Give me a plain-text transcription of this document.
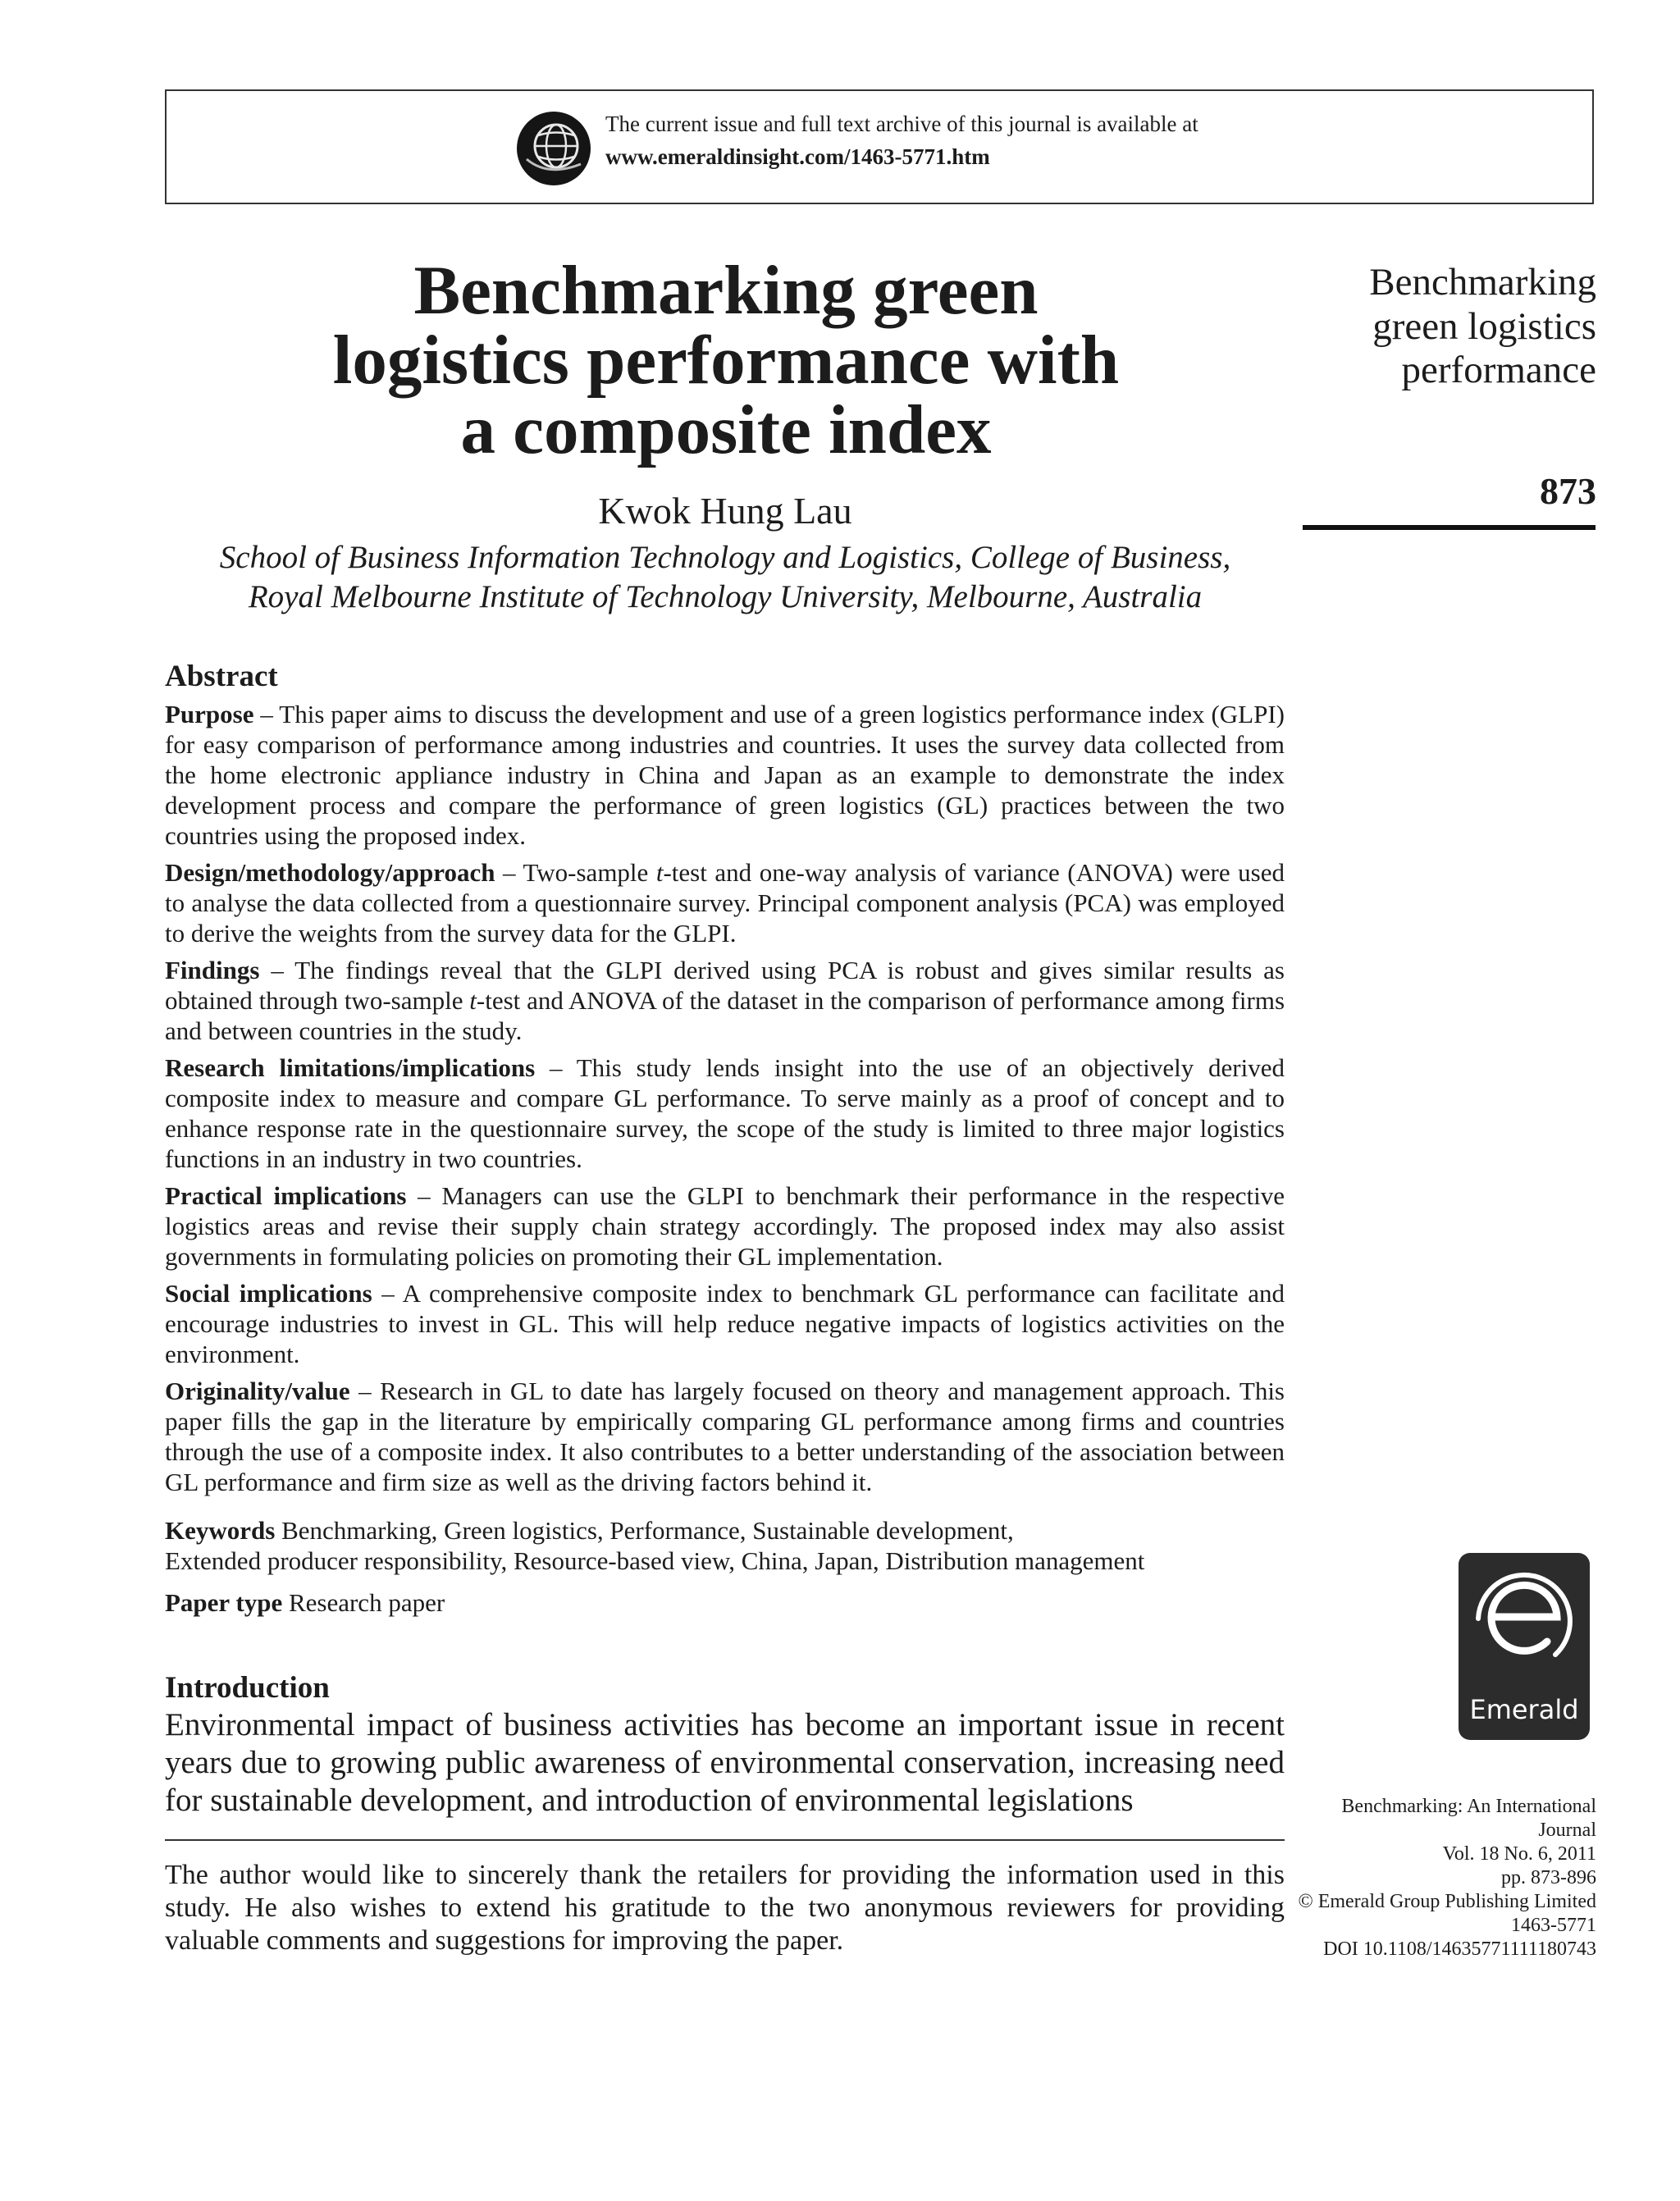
The current issue and full text archive of this journal is available at
www.emeraldinsight.com/1463-5771.htm
Benchmarking green
logistics performance with
a composite index
Kwok Hung Lau
School of Business Information Technology and Logistics, College of Business,
Royal Melbourne Institute of Technology University, Melbourne, Australia
Benchmarking
green logistics
performance
873
Abstract

Purpose – This paper aims to discuss the development and use of a green logistics performance index (GLPI) for easy comparison of performance among industries and countries. It uses the survey data collected from the home electronic appliance industry in China and Japan as an example to demonstrate the index development process and compare the performance of green logistics (GL) practices between the two countries using the proposed index.

Design/methodology/approach – Two-sample t-test and one-way analysis of variance (ANOVA) were used to analyse the data collected from a questionnaire survey. Principal component analysis (PCA) was employed to derive the weights from the survey data for the GLPI.

Findings – The findings reveal that the GLPI derived using PCA is robust and gives similar results as obtained through two-sample t-test and ANOVA of the dataset in the comparison of performance among firms and between countries in the study.

Research limitations/implications – This study lends insight into the use of an objectively derived composite index to measure and compare GL performance. To serve mainly as a proof of concept and to enhance response rate in the questionnaire survey, the scope of the study is limited to three major logistics functions in an industry in two countries.

Practical implications – Managers can use the GLPI to benchmark their performance in the respective logistics areas and revise their supply chain strategy accordingly. The proposed index may also assist governments in formulating policies on promoting their GL implementation.

Social implications – A comprehensive composite index to benchmark GL performance can facilitate and encourage industries to invest in GL. This will help reduce negative impacts of logistics activities on the environment.

Originality/value – Research in GL to date has largely focused on theory and management approach. This paper fills the gap in the literature by empirically comparing GL performance among firms and countries through the use of a composite index. It also contributes to a better understanding of the association between GL performance and firm size as well as the driving factors behind it.

Keywords Benchmarking, Green logistics, Performance, Sustainable development,
Extended producer responsibility, Resource-based view, China, Japan, Distribution management
Paper type Research paper
Introduction
Environmental impact of business activities has become an important issue in recent years due to growing public awareness of environmental conservation, increasing need for sustainable development, and introduction of environmental legislations
The author would like to sincerely thank the retailers for providing the information used in this study. He also wishes to extend his gratitude to the two anonymous reviewers for providing valuable comments and suggestions for improving the paper.
Emerald
Benchmarking: An International
Journal
Vol. 18 No. 6, 2011
pp. 873-896
© Emerald Group Publishing Limited
1463-5771
DOI 10.1108/14635771111180743
